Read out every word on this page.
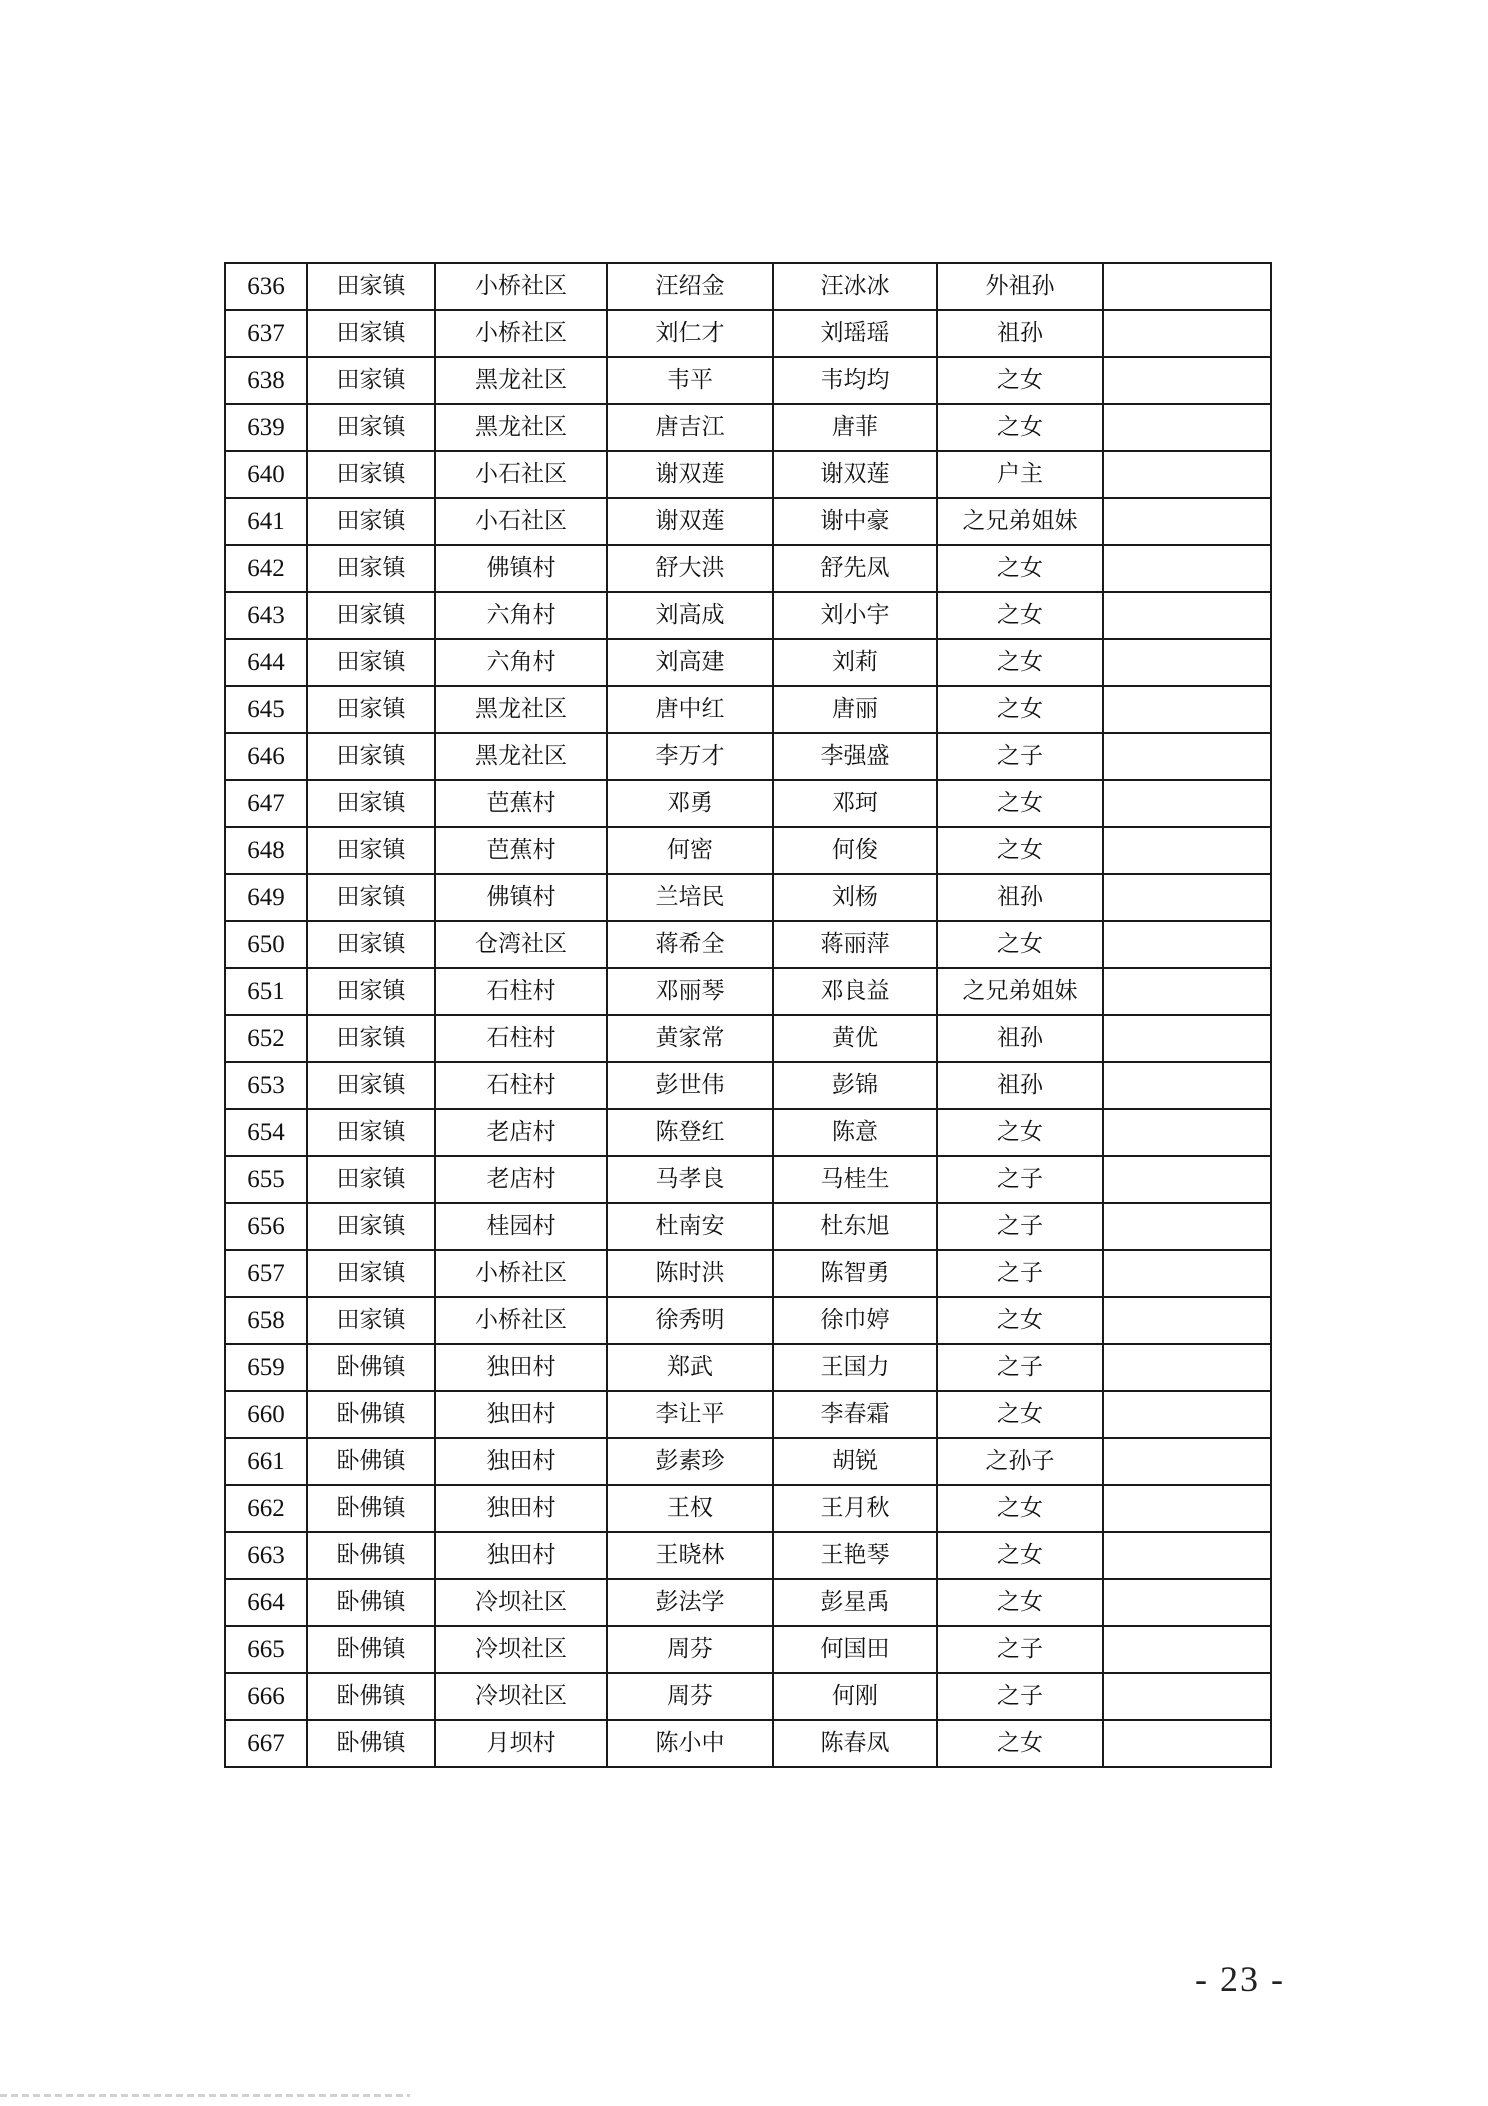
636	田家镇	小桥社区	汪绍金	汪冰冰	外祖孙	
637	田家镇	小桥社区	刘仁才	刘瑶瑶	祖孙	
638	田家镇	黑龙社区	韦平	韦均均	之女	
639	田家镇	黑龙社区	唐吉江	唐菲	之女	
640	田家镇	小石社区	谢双莲	谢双莲	户主	
641	田家镇	小石社区	谢双莲	谢中豪	之兄弟姐妹	
642	田家镇	佛镇村	舒大洪	舒先凤	之女	
643	田家镇	六角村	刘高成	刘小宇	之女	
644	田家镇	六角村	刘高建	刘莉	之女	
645	田家镇	黑龙社区	唐中红	唐丽	之女	
646	田家镇	黑龙社区	李万才	李强盛	之子	
647	田家镇	芭蕉村	邓勇	邓珂	之女	
648	田家镇	芭蕉村	何密	何俊	之女	
649	田家镇	佛镇村	兰培民	刘杨	祖孙	
650	田家镇	仓湾社区	蒋希全	蒋丽萍	之女	
651	田家镇	石柱村	邓丽琴	邓良益	之兄弟姐妹	
652	田家镇	石柱村	黄家常	黄优	祖孙	
653	田家镇	石柱村	彭世伟	彭锦	祖孙	
654	田家镇	老店村	陈登红	陈意	之女	
655	田家镇	老店村	马孝良	马桂生	之子	
656	田家镇	桂园村	杜南安	杜东旭	之子	
657	田家镇	小桥社区	陈时洪	陈智勇	之子	
658	田家镇	小桥社区	徐秀明	徐巾婷	之女	
659	卧佛镇	独田村	郑武	王国力	之子	
660	卧佛镇	独田村	李让平	李春霜	之女	
661	卧佛镇	独田村	彭素珍	胡锐	之孙子	
662	卧佛镇	独田村	王权	王月秋	之女	
663	卧佛镇	独田村	王晓林	王艳琴	之女	
664	卧佛镇	冷坝社区	彭法学	彭星禹	之女	
665	卧佛镇	冷坝社区	周芬	何国田	之子	
666	卧佛镇	冷坝社区	周芬	何刚	之子	
667	卧佛镇	月坝村	陈小中	陈春凤	之女	
- 23 -
